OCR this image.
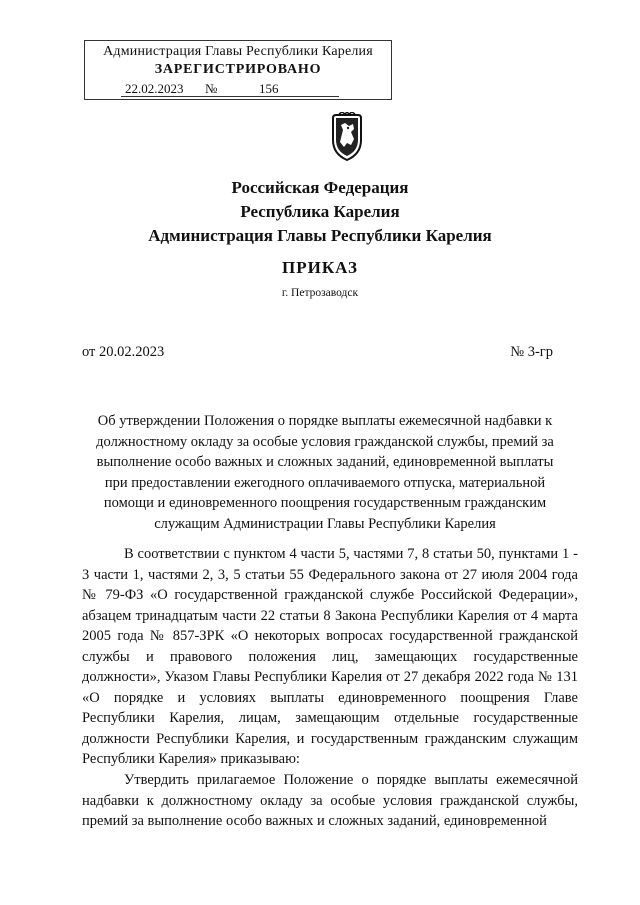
Администрация Главы Республики Карелия
ЗАРЕГИСТРИРОВАНО
22.02.2023	№	156
Российская Федерация
Республика Карелия
Администрация Главы Республики Карелия
ПРИКАЗ
г. Петрозаводск
от 20.02.2023	№ 3-гр
Об утверждении Положения о порядке выплаты ежемесячной надбавки к должностному окладу за особые условия гражданской службы, премий за выполнение особо важных и сложных заданий, единовременной выплаты при предоставлении ежегодного оплачиваемого отпуска, материальной помощи и единовременного поощрения государственным гражданским служащим Администрации Главы Республики Карелия
В соответствии с пунктом 4 части 5, частями 7, 8 статьи 50, пунктами 1 - 3 части 1, частями 2, 3, 5 статьи 55 Федерального закона от 27 июля 2004 года № 79-ФЗ «О государственной гражданской службе Российской Федерации», абзацем тринадцатым части 22 статьи 8 Закона Республики Карелия от 4 марта 2005 года № 857-ЗРК «О некоторых вопросах государственной гражданской службы и правового положения лиц, замещающих государственные должности», Указом Главы Республики Карелия от 27 декабря 2022 года № 131 «О порядке и условиях выплаты единовременного поощрения Главе Республики Карелия, лицам, замещающим отдельные государственные должности Республики Карелия, и государственным гражданским служащим Республики Карелия» приказываю:
Утвердить прилагаемое Положение о порядке выплаты ежемесячной надбавки к должностному окладу за особые условия гражданской службы, премий за выполнение особо важных и сложных заданий, единовременной
